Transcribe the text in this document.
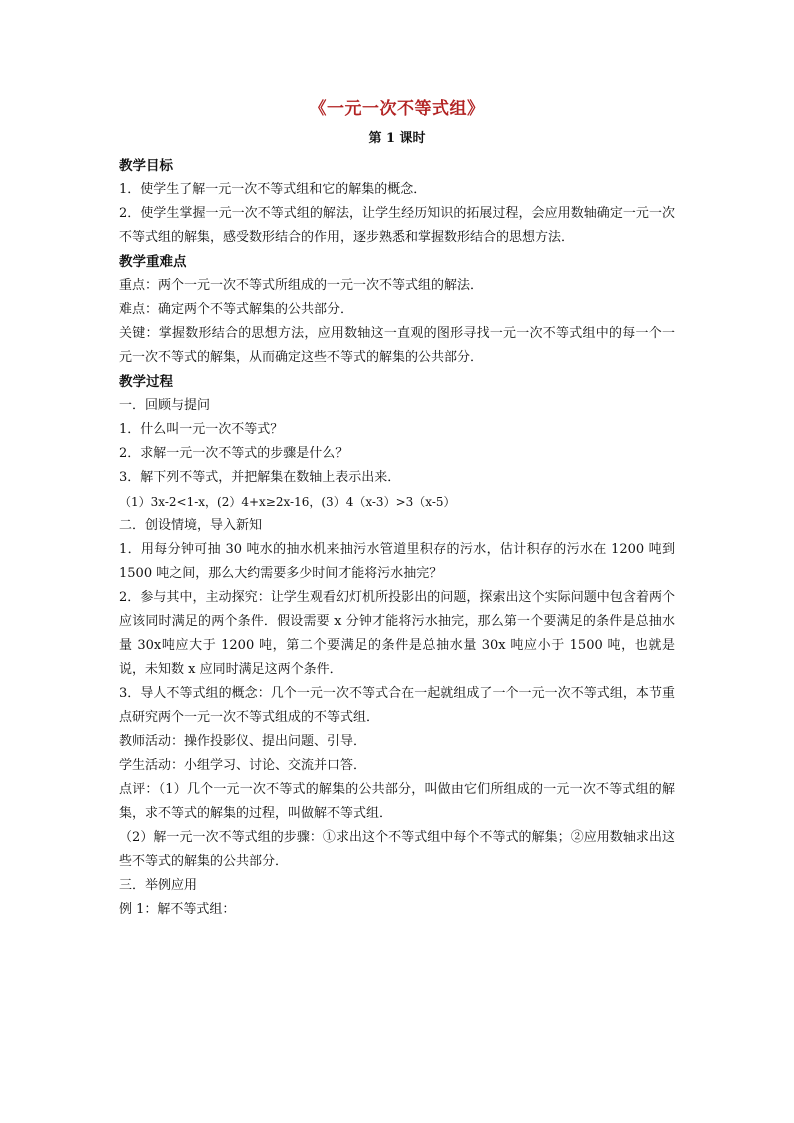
《一元一次不等式组》
第 1 课时
教学目标

1．使学生了解一元一次不等式组和它的解集的概念．

2．使学生掌握一元一次不等式组的解法，让学生经历知识的拓展过程，会应用数轴确定一元一次不等式组的解集，感受数形结合的作用，逐步熟悉和掌握数形结合的思想方法．

教学重难点

重点：两个一元一次不等式所组成的一元一次不等式组的解法．

难点：确定两个不等式解集的公共部分．

关键：掌握数形结合的思想方法，应用数轴这一直观的图形寻找一元一次不等式组中的每一个一元一次不等式的解集，从而确定这些不等式的解集的公共部分．

教学过程

一．回顾与提问

1．什么叫一元一次不等式？

2．求解一元一次不等式的步骤是什么？

3．解下列不等式，并把解集在数轴上表示出来．

（1）3x-2<1-x，(2）4+x≥2x-16，(3）4（x-3）>3（x-5）

二．创设情境，导入新知

1．用每分钟可抽 30 吨水的抽水机来抽污水管道里积存的污水，估计积存的污水在 1200 吨到 1500 吨之间，那么大约需要多少时间才能将污水抽完？

2．参与其中，主动探究：让学生观看幻灯机所投影出的问题，探索出这个实际问题中包含着两个应该同时满足的两个条件．假设需要 x 分钟才能将污水抽完，那么第一个要满足的条件是总抽水量 30x吨应大于 1200 吨，第二个要满足的条件是总抽水量 30x 吨应小于 1500 吨，也就是说，未知数 x 应同时满足这两个条件．

3．导人不等式组的概念：几个一元一次不等式合在一起就组成了一个一元一次不等式组，本节重点研究两个一元一次不等式组成的不等式组．

教师活动：操作投影仪、提出问题、引导．

学生活动：小组学习、讨论、交流并口答．

点评：（1）几个一元一次不等式的解集的公共部分，叫做由它们所组成的一元一次不等式组的解集，求不等式的解集的过程，叫做解不等式组．

（2）解一元一次不等式组的步骤：①求出这个不等式组中每个不等式的解集；②应用数轴求出这些不等式的解集的公共部分．

三．举例应用

例 1：解不等式组：
